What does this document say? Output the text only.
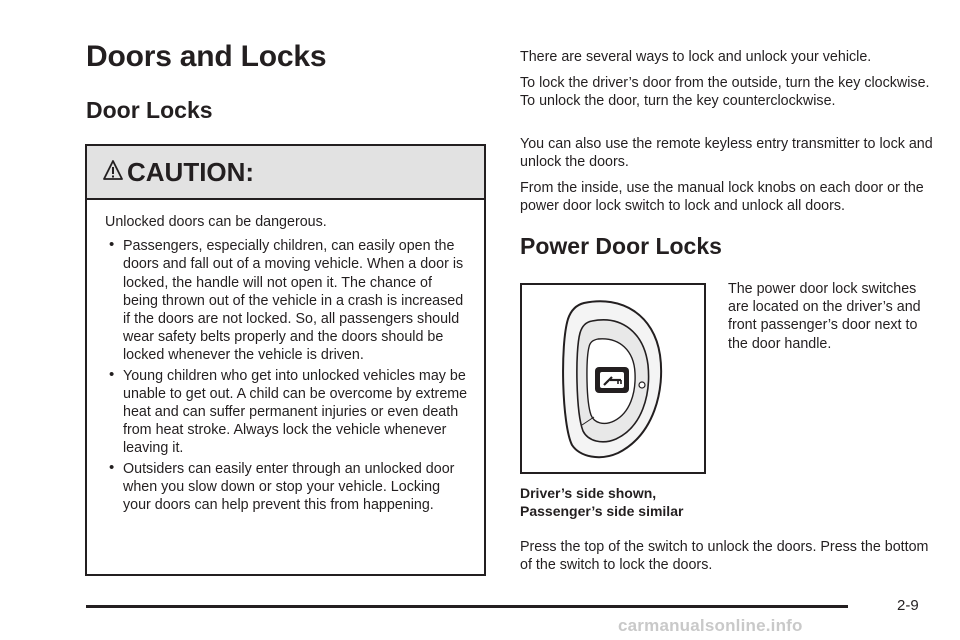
Doors and Locks
Door Locks
CAUTION:

Unlocked doors can be dangerous.

• Passengers, especially children, can easily open the doors and fall out of a moving vehicle. When a door is locked, the handle will not open it. The chance of being thrown out of the vehicle in a crash is increased if the doors are not locked. So, all passengers should wear safety belts properly and the doors should be locked whenever the vehicle is driven.
• Young children who get into unlocked vehicles may be unable to get out. A child can be overcome by extreme heat and can suffer permanent injuries or even death from heat stroke. Always lock the vehicle whenever leaving it.
• Outsiders can easily enter through an unlocked door when you slow down or stop your vehicle. Locking your doors can help prevent this from happening.

There are several ways to lock and unlock your vehicle.

To lock the driver’s door from the outside, turn the key clockwise. To unlock the door, turn the key counterclockwise.

You can also use the remote keyless entry transmitter to lock and unlock the doors.

From the inside, use the manual lock knobs on each door or the power door lock switch to lock and unlock all doors.

Power Door Locks

The power door lock switches are located on the driver’s and front passenger’s door next to the door handle.

Driver’s side shown,
Passenger’s side similar

Press the top of the switch to unlock the doors. Press the bottom of the switch to lock the doors.

2-9
carmanualsonline.info
